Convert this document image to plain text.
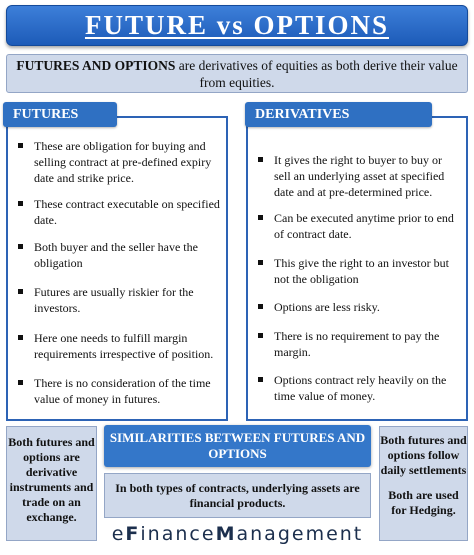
FUTURE vs OPTIONS
FUTURES AND OPTIONS are derivatives of equities as both derive their value from equities.
These are obligation for buying and selling contract at pre-defined expiry date and strike price.
These contract executable on specified date.
Both buyer and the seller have the obligation
Futures are usually riskier for the investors.
Here one needs to fulfill margin requirements irrespective of position.
There is no consideration of the time value of money in futures.
FUTURES
It gives the right to buyer to buy or sell an underlying asset at specified date and at pre-determined price.
Can be executed anytime prior to end of contract date.
This give the right to an investor but not the obligation
Options are less risky.
There is no requirement to pay the margin.
Options contract rely heavily on the time value of money.
DERIVATIVES
Both futures and options are derivative instruments and trade on an exchange.
SIMILARITIES BETWEEN FUTURES AND OPTIONS
In both types of contracts, underlying assets are financial products.
Both futures and options follow daily settlements
Both are used for Hedging.
e F inance M anagement
